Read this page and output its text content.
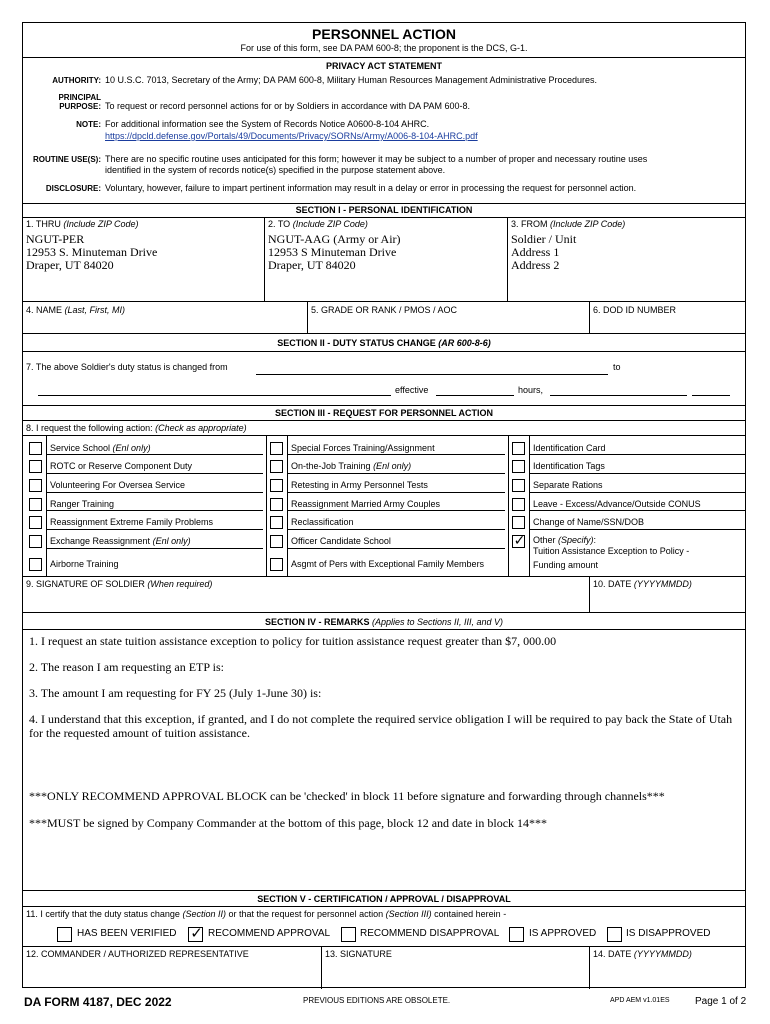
PERSONNEL ACTION
For use of this form, see DA PAM 600-8; the proponent is the DCS, G-1.
PRIVACY ACT STATEMENT
AUTHORITY: 10 U.S.C. 7013, Secretary of the Army; DA PAM 600-8, Military Human Resources Management Administrative Procedures.
PRINCIPAL
PURPOSE: To request or record personnel actions for or by Soldiers in accordance with DA PAM 600-8.
NOTE: For additional information see the System of Records Notice A0600-8-104 AHRC.
https://dpcld.defense.gov/Portals/49/Documents/Privacy/SORNs/Army/A006-8-104-AHRC.pdf
ROUTINE USE(S): There are no specific routine uses anticipated for this form; however it may be subject to a number of proper and necessary routine uses
identified in the system of records notice(s) specified in the purpose statement above.
DISCLOSURE: Voluntary, however, failure to impart pertinent information may result in a delay or error in processing the request for personnel action.
SECTION I - PERSONAL IDENTIFICATION
1. THRU (Include ZIP Code)
NGUT-PER
12953 S. Minuteman Drive
Draper, UT 84020
2. TO (Include ZIP Code)
NGUT-AAG (Army or Air)
12953 S Minuteman Drive
Draper, UT 84020
3. FROM (Include ZIP Code)
Soldier / Unit
Address 1
Address 2
4. NAME (Last, First, MI)	5. GRADE OR RANK / PMOS / AOC	6. DOD ID NUMBER
SECTION II - DUTY STATUS CHANGE (AR 600-8-6)
7. The above Soldier's duty status is changed from	to
effective	hours,
SECTION III - REQUEST FOR PERSONNEL ACTION
8. I request the following action: (Check as appropriate)
Service School (Enl only)
ROTC or Reserve Component Duty
Volunteering For Oversea Service
Ranger Training
Reassignment Extreme Family Problems
Exchange Reassignment (Enl only)
Airborne Training
Special Forces Training/Assignment
On-the-Job Training (Enl only)
Retesting in Army Personnel Tests
Reassignment Married Army Couples
Reclassification
Officer Candidate School
Asgmt of Pers with Exceptional Family Members
Identification Card
Identification Tags
Separate Rations
Leave - Excess/Advance/Outside CONUS
Change of Name/SSN/DOB
✓ Other (Specify):
Tuition Assistance Exception to Policy -
Funding amount
9. SIGNATURE OF SOLDIER (When required)	10. DATE (YYYYMMDD)
SECTION IV - REMARKS (Applies to Sections II, III, and V)
1. I request an state tuition assistance exception to policy for tuition assistance request greater than $7, 000.00
2. The reason I am requesting an ETP is:
3. The amount I am requesting for FY 25 (July 1-June 30) is:
4. I understand that this exception, if granted, and I do not complete the required service obligation I will be required to pay back the State of Utah for the requested amount of tuition assistance.
***ONLY RECOMMEND APPROVAL BLOCK can be 'checked' in block 11 before signature and forwarding through channels***
***MUST be signed by Company Commander at the bottom of this page, block 12 and date in block 14***
SECTION V - CERTIFICATION / APPROVAL / DISAPPROVAL
11. I certify that the duty status change (Section II) or that the request for personnel action (Section III) contained herein -
HAS BEEN VERIFIED ✓ RECOMMEND APPROVAL	RECOMMEND DISAPPROVAL	IS APPROVED	IS DISAPPROVED
12. COMMANDER / AUTHORIZED REPRESENTATIVE	13. SIGNATURE	14. DATE (YYYYMMDD)
DA FORM 4187, DEC 2022	PREVIOUS EDITIONS ARE OBSOLETE.	APD AEM v1.01ES	Page 1 of 2
